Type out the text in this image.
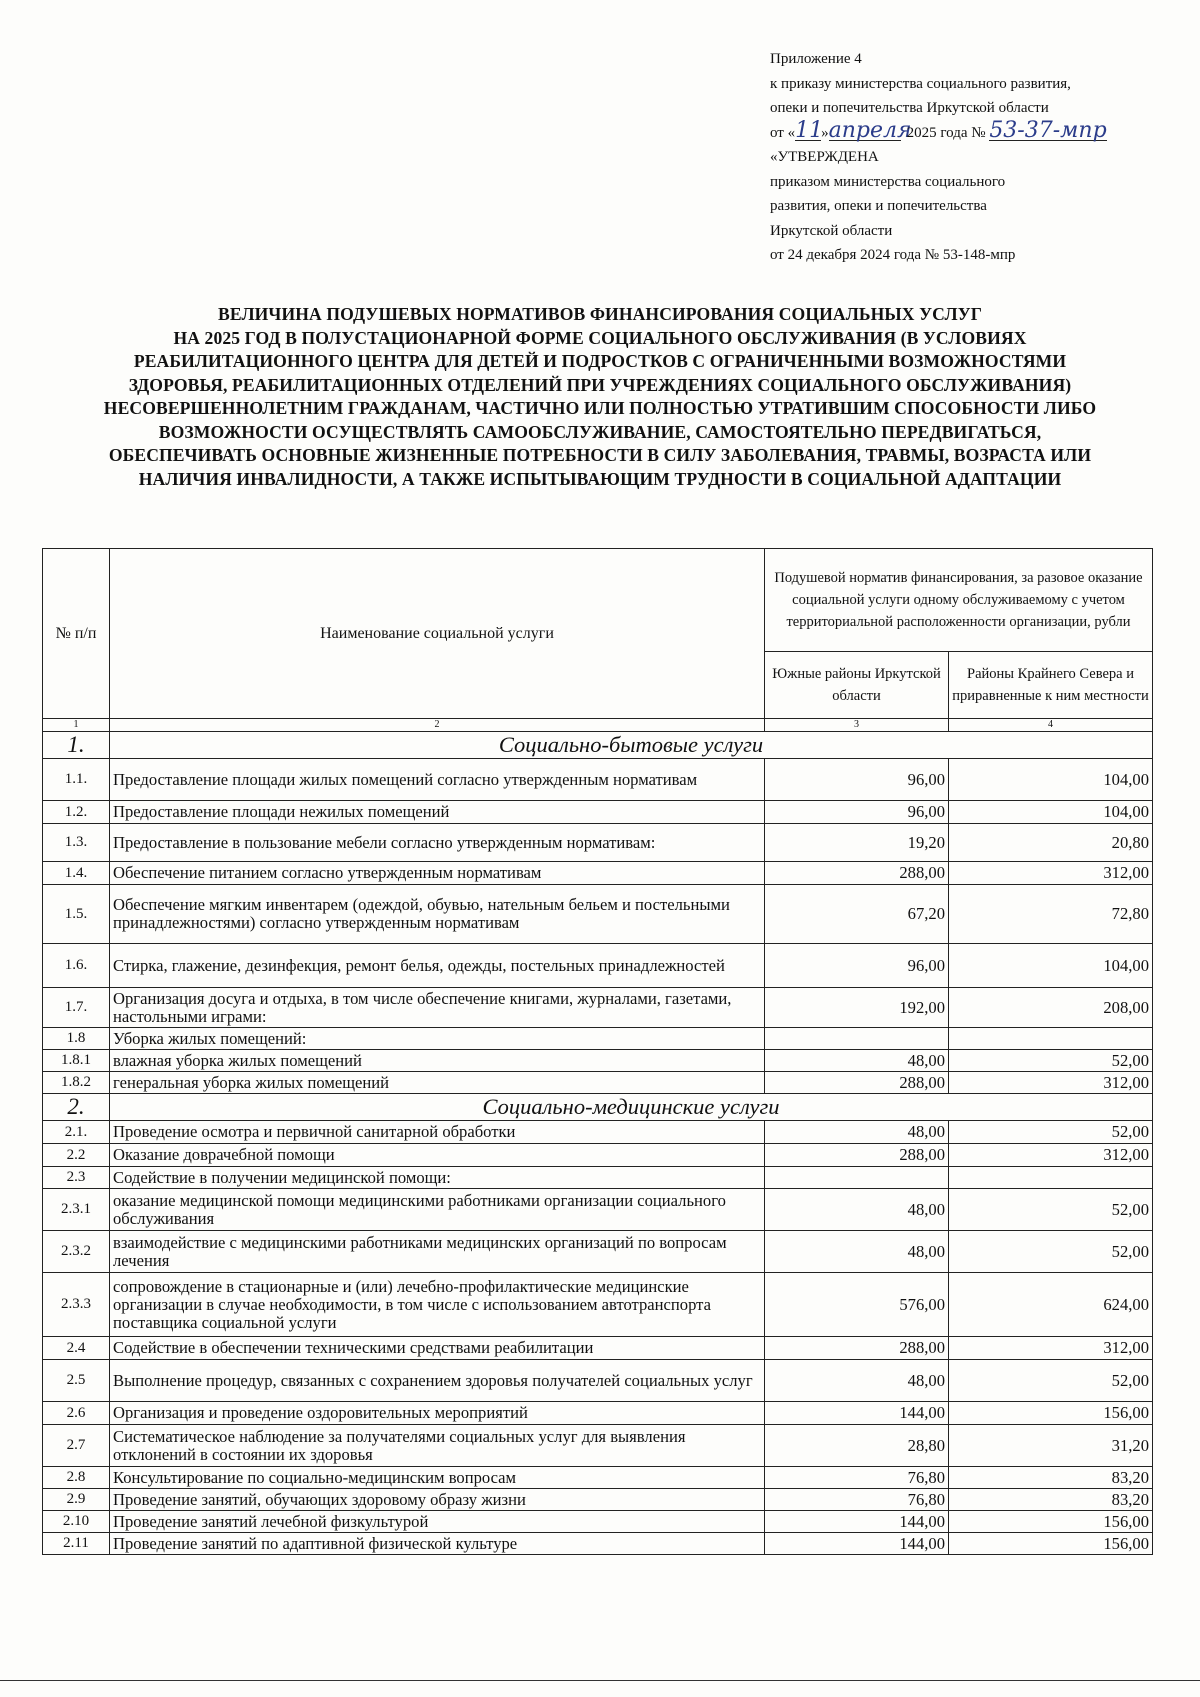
Приложение 4
к приказу министерства социального развития,
опеки и попечительства Иркутской области
от «11»апреля2025 года № 53-37-мпр
«УТВЕРЖДЕНА
приказом министерства социального
развития, опеки и попечительства
Иркутской области
от 24 декабря 2024 года № 53-148-мпр
ВЕЛИЧИНА ПОДУШЕВЫХ НОРМАТИВОВ ФИНАНСИРОВАНИЯ СОЦИАЛЬНЫХ УСЛУГ
НА 2025 ГОД В ПОЛУСТАЦИОНАРНОЙ ФОРМЕ СОЦИАЛЬНОГО ОБСЛУЖИВАНИЯ (В УСЛОВИЯХ
РЕАБИЛИТАЦИОННОГО ЦЕНТРА ДЛЯ ДЕТЕЙ И ПОДРОСТКОВ С ОГРАНИЧЕННЫМИ ВОЗМОЖНОСТЯМИ
ЗДОРОВЬЯ, РЕАБИЛИТАЦИОННЫХ ОТДЕЛЕНИЙ ПРИ УЧРЕЖДЕНИЯХ СОЦИАЛЬНОГО ОБСЛУЖИВАНИЯ)
НЕСОВЕРШЕННОЛЕТНИМ ГРАЖДАНАМ, ЧАСТИЧНО ИЛИ ПОЛНОСТЬЮ УТРАТИВШИМ СПОСОБНОСТИ ЛИБО
ВОЗМОЖНОСТИ ОСУЩЕСТВЛЯТЬ САМООБСЛУЖИВАНИЕ, САМОСТОЯТЕЛЬНО ПЕРЕДВИГАТЬСЯ,
ОБЕСПЕЧИВАТЬ ОСНОВНЫЕ ЖИЗНЕННЫЕ ПОТРЕБНОСТИ В СИЛУ ЗАБОЛЕВАНИЯ, ТРАВМЫ, ВОЗРАСТА ИЛИ
НАЛИЧИЯ ИНВАЛИДНОСТИ, А ТАКЖЕ ИСПЫТЫВАЮЩИМ ТРУДНОСТИ В СОЦИАЛЬНОЙ АДАПТАЦИИ
№ п/п	Наименование социальной услуги	Подушевой норматив финансирования, за разовое оказание социальной услуги одному обслуживаемому с учетом территориальной расположенности организации, рубли	
		Южные районы Иркутской области	Районы Крайнего Севера и приравненные к ним местности
1	2	3	4
1.	Социально-бытовые услуги		
1.1.	Предоставление площади жилых помещений согласно утвержденным нормативам	96,00	104,00
1.2.	Предоставление площади нежилых помещений	96,00	104,00
1.3.	Предоставление в пользование мебели согласно утвержденным нормативам:	19,20	20,80
1.4.	Обеспечение питанием согласно утвержденным нормативам	288,00	312,00
1.5.	Обеспечение мягким инвентарем (одеждой, обувью, нательным бельем и постельными принадлежностями) согласно утвержденным нормативам	67,20	72,80
1.6.	Стирка, глажение, дезинфекция, ремонт белья, одежды, постельных принадлежностей	96,00	104,00
1.7.	Организация досуга и отдыха, в том числе обеспечение книгами, журналами, газетами, настольными играми:	192,00	208,00
1.8	Уборка жилых помещений:		
1.8.1	влажная уборка жилых помещений	48,00	52,00
1.8.2	генеральная уборка жилых помещений	288,00	312,00
2.	Социально-медицинские услуги		
2.1.	Проведение осмотра и первичной санитарной обработки	48,00	52,00
2.2	Оказание доврачебной помощи	288,00	312,00
2.3	Содействие в получении медицинской помощи:		
2.3.1	оказание медицинской помощи медицинскими работниками организации социального обслуживания	48,00	52,00
2.3.2	взаимодействие с медицинскими работниками медицинских организаций по вопросам лечения	48,00	52,00
2.3.3	сопровождение в стационарные и (или) лечебно-профилактические медицинские организации в случае необходимости, в том числе с использованием автотранспорта поставщика социальной услуги	576,00	624,00
2.4	Содействие в обеспечении техническими средствами реабилитации	288,00	312,00
2.5	Выполнение процедур, связанных с сохранением здоровья получателей социальных услуг	48,00	52,00
2.6	Организация и проведение оздоровительных мероприятий	144,00	156,00
2.7	Систематическое наблюдение за получателями социальных услуг для выявления отклонений в состоянии их здоровья	28,80	31,20
2.8	Консультирование по социально-медицинским вопросам	76,80	83,20
2.9	Проведение занятий, обучающих здоровому образу жизни	76,80	83,20
2.10	Проведение занятий лечебной физкультурой	144,00	156,00
2.11	Проведение занятий по адаптивной физической культуре	144,00	156,00
